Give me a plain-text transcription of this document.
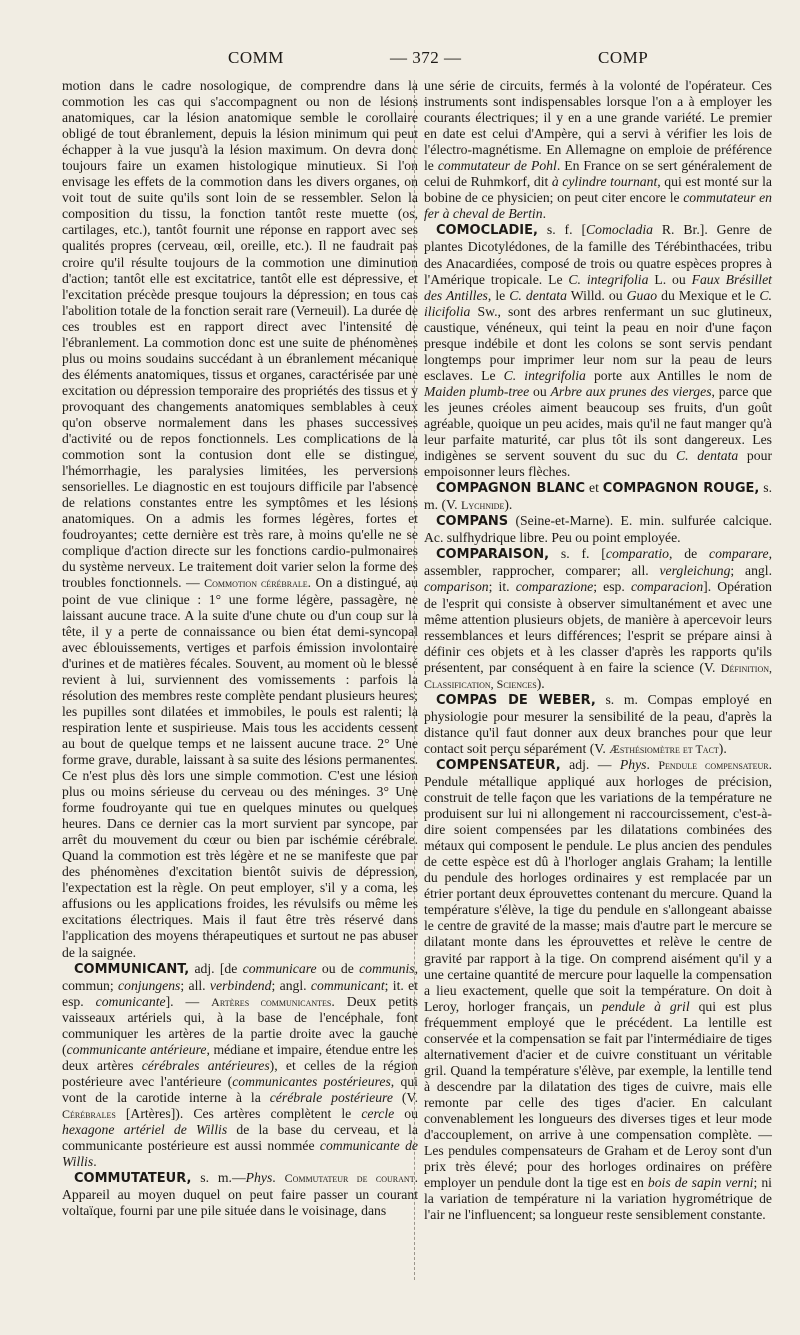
COMM	— 372 —	COMP

motion dans le cadre nosologique, de comprendre dans la commotion les cas qui s'accompagnent ou non de lésions anatomiques, car la lésion anatomique semble le corollaire obligé de tout ébranlement, depuis la lésion minimum qui peut échapper à la vue jusqu'à la lésion maximum. On devra donc toujours faire un examen histologique minutieux. Si l'on envisage les effets de la commotion dans les divers organes, on voit tout de suite qu'ils sont loin de se ressembler. Selon la composition du tissu, la fonction tantôt reste muette (os, cartilages, etc.), tantôt fournit une réponse en rapport avec ses qualités propres (cerveau, œil, oreille, etc.). Il ne faudrait pas croire qu'il résulte toujours de la commotion une diminution d'action; tantôt elle est excitatrice, tantôt elle est dépressive, et l'excitation précède presque toujours la dépression; en tous cas l'abolition totale de la fonction serait rare (Verneuil). La durée de ces troubles est en rapport direct avec l'intensité de l'ébranlement. La commotion donc est une suite de phénomènes plus ou moins soudains succédant à un ébranlement mécanique des éléments anatomiques, tissus et organes, caractérisée par une excitation ou dépression temporaire des propriétés des tissus et y provoquant des changements anatomiques semblables à ceux qu'on observe normalement dans les phases successives d'activité ou de repos fonctionnels. Les complications de la commotion sont la contusion dont elle se distingue, l'hémorrhagie, les paralysies limitées, les perversions sensorielles. Le diagnostic en est toujours difficile par l'absence de relations constantes entre les symptômes et les lésions anatomiques. On a admis les formes légères, fortes et foudroyantes; cette dernière est très rare, à moins qu'elle ne se complique d'action directe sur les fonctions cardio-pulmonaires du système nerveux. Le traitement doit varier selon la forme des troubles fonctionnels. — Commotion cérébrale. On a distingué, au point de vue clinique : 1° une forme légère, passagère, ne laissant aucune trace. A la suite d'une chute ou d'un coup sur la tête, il y a perte de connaissance ou bien état demi-syncopal avec éblouissements, vertiges et parfois émission involontaire d'urines et de matières fécales. Souvent, au moment où le blessé revient à lui, surviennent des vomissements : parfois la résolution des membres reste complète pendant plusieurs heures; les pupilles sont dilatées et immobiles, le pouls est ralenti; la respiration lente et suspirieuse. Mais tous les accidents cessent au bout de quelque temps et ne laissent aucune trace. 2° Une forme grave, durable, laissant à sa suite des lésions permanentes. Ce n'est plus dès lors une simple commotion. C'est une lésion plus ou moins sérieuse du cerveau ou des méninges. 3° Une forme foudroyante qui tue en quelques minutes ou quelques heures. Dans ce dernier cas la mort survient par syncope, par arrêt du mouvement du cœur ou bien par ischémie cérébrale. Quand la commotion est très légère et ne se manifeste que par des phénomènes d'excitation bientôt suivis de dépression, l'expectation est la règle. On peut employer, s'il y a coma, les affusions ou les applications froides, les révulsifs ou même les excitations électriques. Mais il faut être très réservé dans l'application des moyens thérapeutiques et surtout ne pas abuser de la saignée.

COMMUNICANT, adj. [de communicare ou de communis, commun; conjungens; all. verbindend; angl. communicant; it. et esp. comunicante]. — Artères communicantes. Deux petits vaisseaux artériels qui, à la base de l'encéphale, font communiquer les artères de la partie droite avec la gauche (communicante antérieure, médiane et impaire, étendue entre les deux artères cérébrales antérieures), et celles de la région postérieure avec l'antérieure (communicantes postérieures, qui vont de la carotide interne à la cérébrale postérieure (V. Cérébrales [Artères]). Ces artères complètent le cercle ou hexagone artériel de Willis de la base du cerveau, et la communicante postérieure est aussi nommée communicante de Willis.

COMMUTATEUR, s. m.—Phys. Commutateur de courant. Appareil au moyen duquel on peut faire passer un courant voltaïque, fourni par une pile située dans le voisinage, dans

une série de circuits, fermés à la volonté de l'opérateur. Ces instruments sont indispensables lorsque l'on a à employer les courants électriques; il y en a une grande variété. Le premier en date est celui d'Ampère, qui a servi à vérifier les lois de l'électro-magnétisme. En Allemagne on emploie de préférence le commutateur de Pohl. En France on se sert généralement de celui de Ruhmkorf, dit à cylindre tournant, qui est monté sur la bobine de ce physicien; on peut citer encore le commutateur en fer à cheval de Bertin.

COMOCLADIE, s. f. [Comocladia R. Br.]. Genre de plantes Dicotylédones, de la famille des Térébinthacées, tribu des Anacardiées, composé de trois ou quatre espèces propres à l'Amérique tropicale. Le C. integrifolia L. ou Faux Brésillet des Antilles, le C. dentata Willd. ou Guao du Mexique et le C. ilicifolia Sw., sont des arbres renfermant un suc glutineux, caustique, vénéneux, qui teint la peau en noir d'une façon presque indébile et dont les colons se sont servis pendant longtemps pour imprimer leur nom sur la peau de leurs esclaves. Le C. integrifolia porte aux Antilles le nom de Maiden plumb-tree ou Arbre aux prunes des vierges, parce que les jeunes créoles aiment beaucoup ses fruits, d'un goût agréable, quoique un peu acides, mais qu'il ne faut manger qu'à leur parfaite maturité, car plus tôt ils sont dangereux. Les indigènes se servent souvent du suc du C. dentata pour empoisonner leurs flèches.

COMPAGNON BLANC et COMPAGNON ROUGE, s. m. (V. Lychnide).

COMPANS (Seine-et-Marne). E. min. sulfurée calcique. Ac. sulfhydrique libre. Peu ou point employée.

COMPARAISON, s. f. [comparatio, de comparare, assembler, rapprocher, comparer; all. vergleichung; angl. comparison; it. comparazione; esp. comparacion]. Opération de l'esprit qui consiste à observer simultanément et avec une même attention plusieurs objets, de manière à apercevoir leurs ressemblances et leurs différences; l'esprit se prépare ainsi à définir ces objets et à les classer d'après les rapports qu'ils présentent, par conséquent à en faire la science (V. Définition, Classification, Sciences).

COMPAS DE WEBER, s. m. Compas employé en physiologie pour mesurer la sensibilité de la peau, d'après la distance qu'il faut donner aux deux branches pour que leur contact soit perçu séparément (V. Æsthésiomètre et Tact).

COMPENSATEUR, adj. — Phys. Pendule compensateur. Pendule métallique appliqué aux horloges de précision, construit de telle façon que les variations de la température ne produisent sur lui ni allongement ni raccourcissement, c'est-à-dire soient compensées par les dilatations combinées des métaux qui composent le pendule. Le plus ancien des pendules de cette espèce est dû à l'horloger anglais Graham; la lentille du pendule des horloges ordinaires y est remplacée par un étrier portant deux éprouvettes contenant du mercure. Quand la température s'élève, la tige du pendule en s'allongeant abaisse le centre de gravité de la masse; mais d'autre part le mercure se dilatant monte dans les éprouvettes et relève le centre de gravité par rapport à la tige. On comprend aisément qu'il y a une certaine quantité de mercure pour laquelle la compensation a lieu exactement, quelle que soit la température. On doit à Leroy, horloger français, un pendule à gril qui est plus fréquemment employé que le précédent. La lentille est conservée et la compensation se fait par l'intermédiaire de tiges alternativement d'acier et de cuivre constituant un véritable gril. Quand la température s'élève, par exemple, la lentille tend à descendre par la dilatation des tiges de cuivre, mais elle remonte par celle des tiges d'acier. En calculant convenablement les longueurs des diverses tiges et leur mode d'accouplement, on arrive à une compensation complète. — Les pendules compensateurs de Graham et de Leroy sont d'un prix très élevé; pour des horloges ordinaires on préfère employer un pendule dont la tige est en bois de sapin verni; ni la variation de température ni la variation hygrométrique de l'air ne l'influencent; sa longueur reste sensiblement constante.
